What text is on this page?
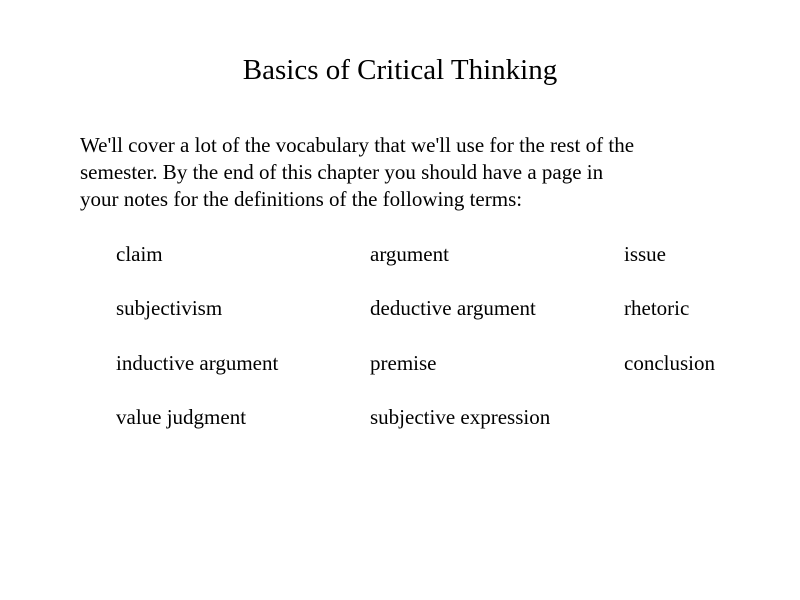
Basics of Critical Thinking

We'll cover a lot of the vocabulary that we'll use for the rest of the
semester. By the end of this chapter you should have a page in
your notes for the definitions of the following terms:

claim	argument	issue
subjectivism	deductive argument	rhetoric
inductive argument	premise	conclusion
value judgment	subjective expression
